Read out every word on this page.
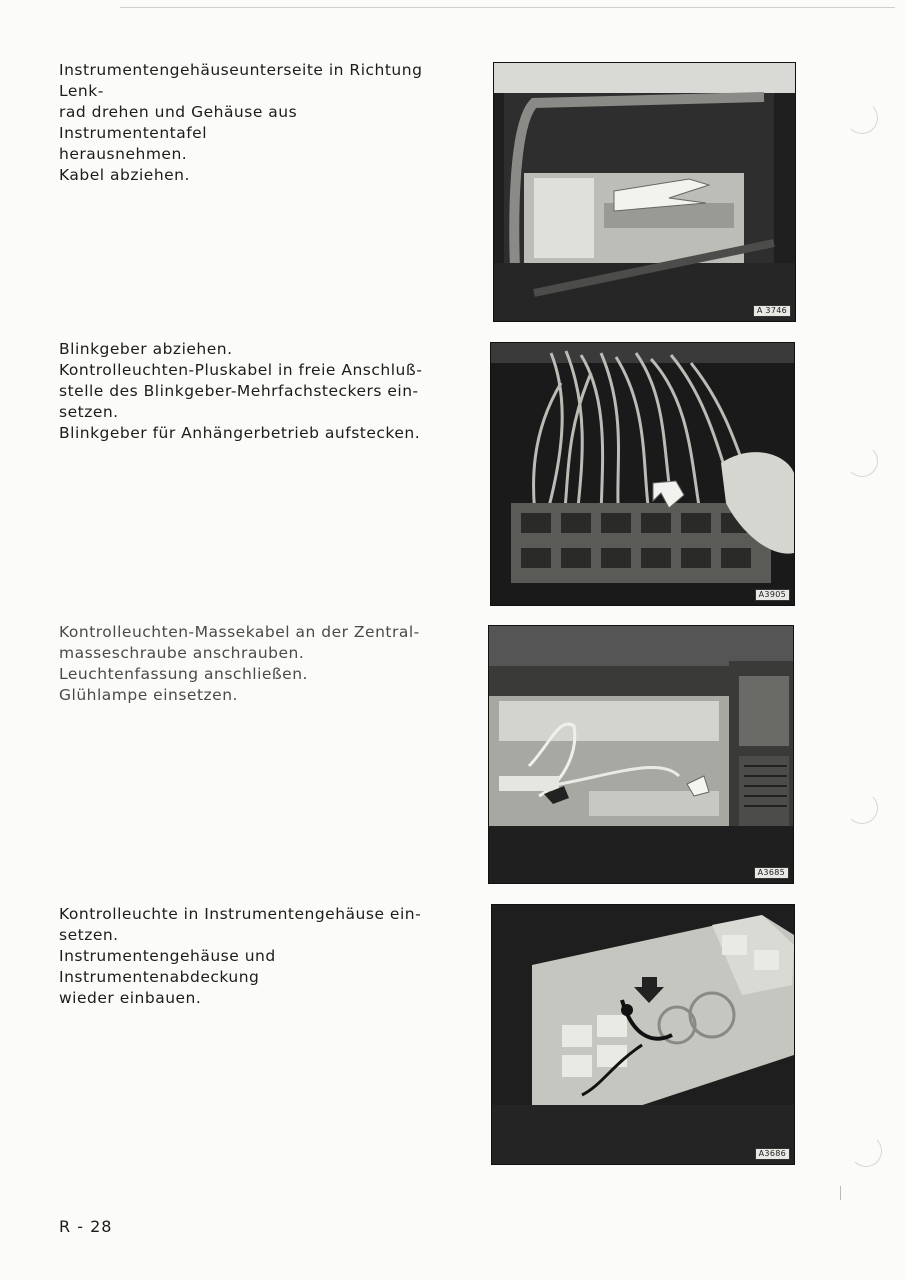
Instrumentengehäuseunterseite in Richtung Lenk-
rad drehen und Gehäuse aus Instrumententafel
herausnehmen.
Kabel abziehen.
A 3746
Blinkgeber abziehen.
Kontrolleuchten-Pluskabel in freie Anschluß-
stelle des Blinkgeber-Mehrfachsteckers ein-
setzen.
Blinkgeber für Anhängerbetrieb aufstecken.
A3905
Kontrolleuchten-Massekabel an der Zentral-
masseschraube anschrauben.
Leuchtenfassung anschließen.
Glühlampe einsetzen.
A3685
Kontrolleuchte in Instrumentengehäuse ein-
setzen.
Instrumentengehäuse und Instrumentenabdeckung
wieder einbauen.
A3686
R - 28
